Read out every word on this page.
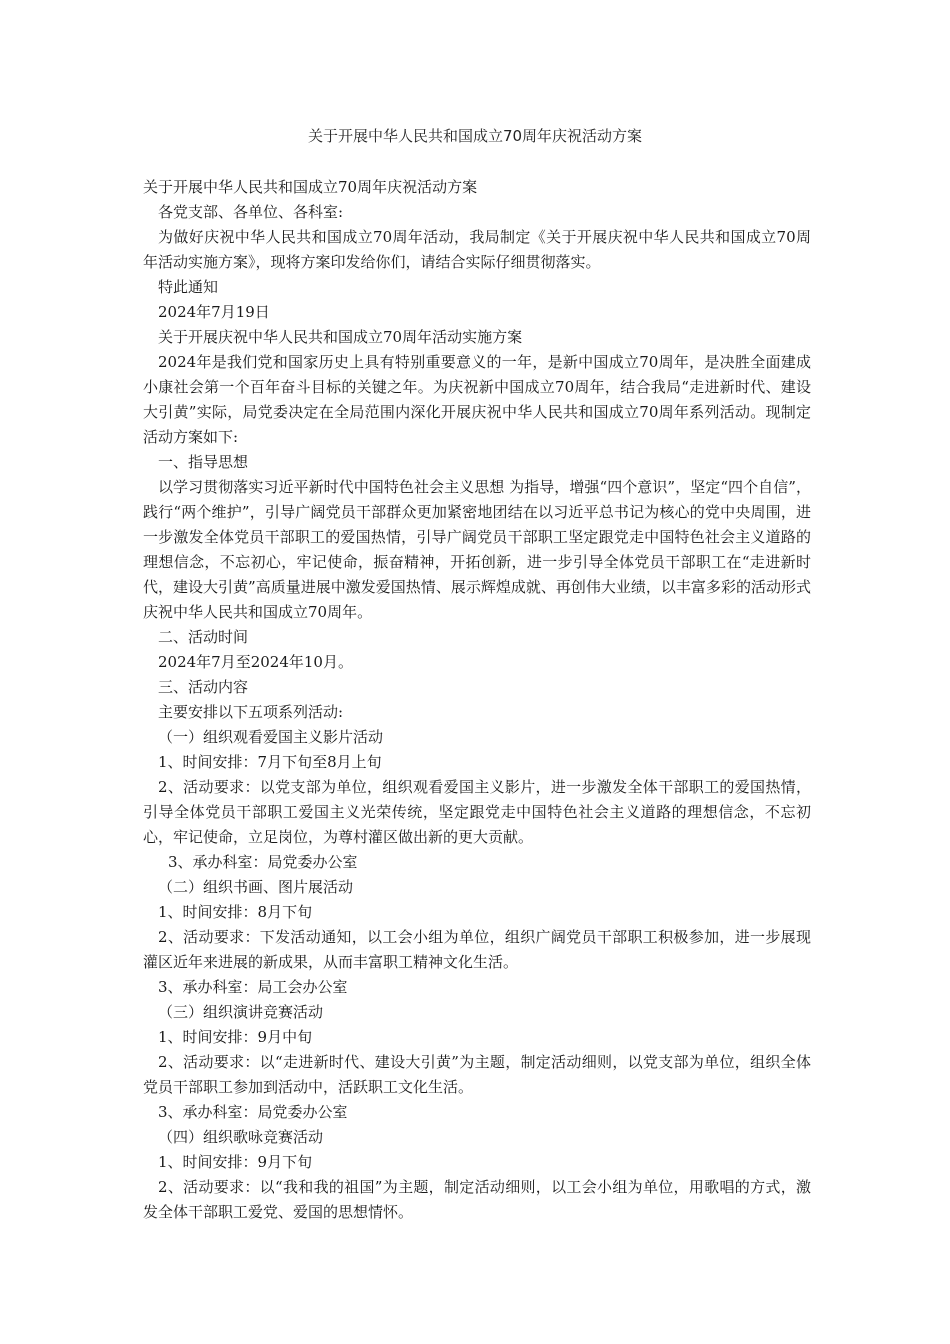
关于开展中华人民共和国成立70周年庆祝活动方案

关于开展中华人民共和国成立70周年庆祝活动方案

各党支部、各单位、各科室:

为做好庆祝中华人民共和国成立70周年活动，我局制定《关于开展庆祝中华人民共和国成立70周年活动实施方案》，现将方案印发给你们，请结合实际仔细贯彻落实。

特此通知

2024年7月19日

关于开展庆祝中华人民共和国成立70周年活动实施方案

2024年是我们党和国家历史上具有特别重要意义的一年，是新中国成立70周年，是决胜全面建成小康社会第一个百年奋斗目标的关键之年。为庆祝新中国成立70周年，结合我局“走进新时代、建设大引黄”实际，局党委决定在全局范围内深化开展庆祝中华人民共和国成立70周年系列活动。现制定活动方案如下:

一、指导思想

以学习贯彻落实习近平新时代中国特色社会主义思想 为指导，增强“四个意识”，坚定“四个自信”，践行“两个维护”，引导广阔党员干部群众更加紧密地团结在以习近平总书记为核心的党中央周围，进一步激发全体党员干部职工的爱国热情，引导广阔党员干部职工坚定跟党走中国特色社会主义道路的理想信念，不忘初心，牢记使命，振奋精神，开拓创新，进一步引导全体党员干部职工在“走进新时代，建设大引黄”高质量进展中激发爱国热情、展示辉煌成就、再创伟大业绩，以丰富多彩的活动形式庆祝中华人民共和国成立70周年。

二、活动时间

2024年7月至2024年10月。

三、活动内容

主要安排以下五项系列活动:

（一）组织观看爱国主义影片活动

1、时间安排：7月下旬至8月上旬

2、活动要求：以党支部为单位，组织观看爱国主义影片，进一步激发全体干部职工的爱国热情，引导全体党员干部职工爱国主义光荣传统，坚定跟党走中国特色社会主义道路的理想信念，不忘初心，牢记使命，立足岗位，为尊村灌区做出新的更大贡献。

3、承办科室：局党委办公室

（二）组织书画、图片展活动

1、时间安排：8月下旬

2、活动要求：下发活动通知，以工会小组为单位，组织广阔党员干部职工积极参加，进一步展现灌区近年来进展的新成果，从而丰富职工精神文化生活。

3、承办科室：局工会办公室

（三）组织演讲竞赛活动

1、时间安排：9月中旬

2、活动要求：以“走进新时代、建设大引黄”为主题，制定活动细则，以党支部为单位，组织全体党员干部职工参加到活动中，活跃职工文化生活。

3、承办科室：局党委办公室

（四）组织歌咏竞赛活动

1、时间安排：9月下旬

2、活动要求：以“我和我的祖国”为主题，制定活动细则，以工会小组为单位，用歌唱的方式，激发全体干部职工爱党、爱国的思想情怀。
